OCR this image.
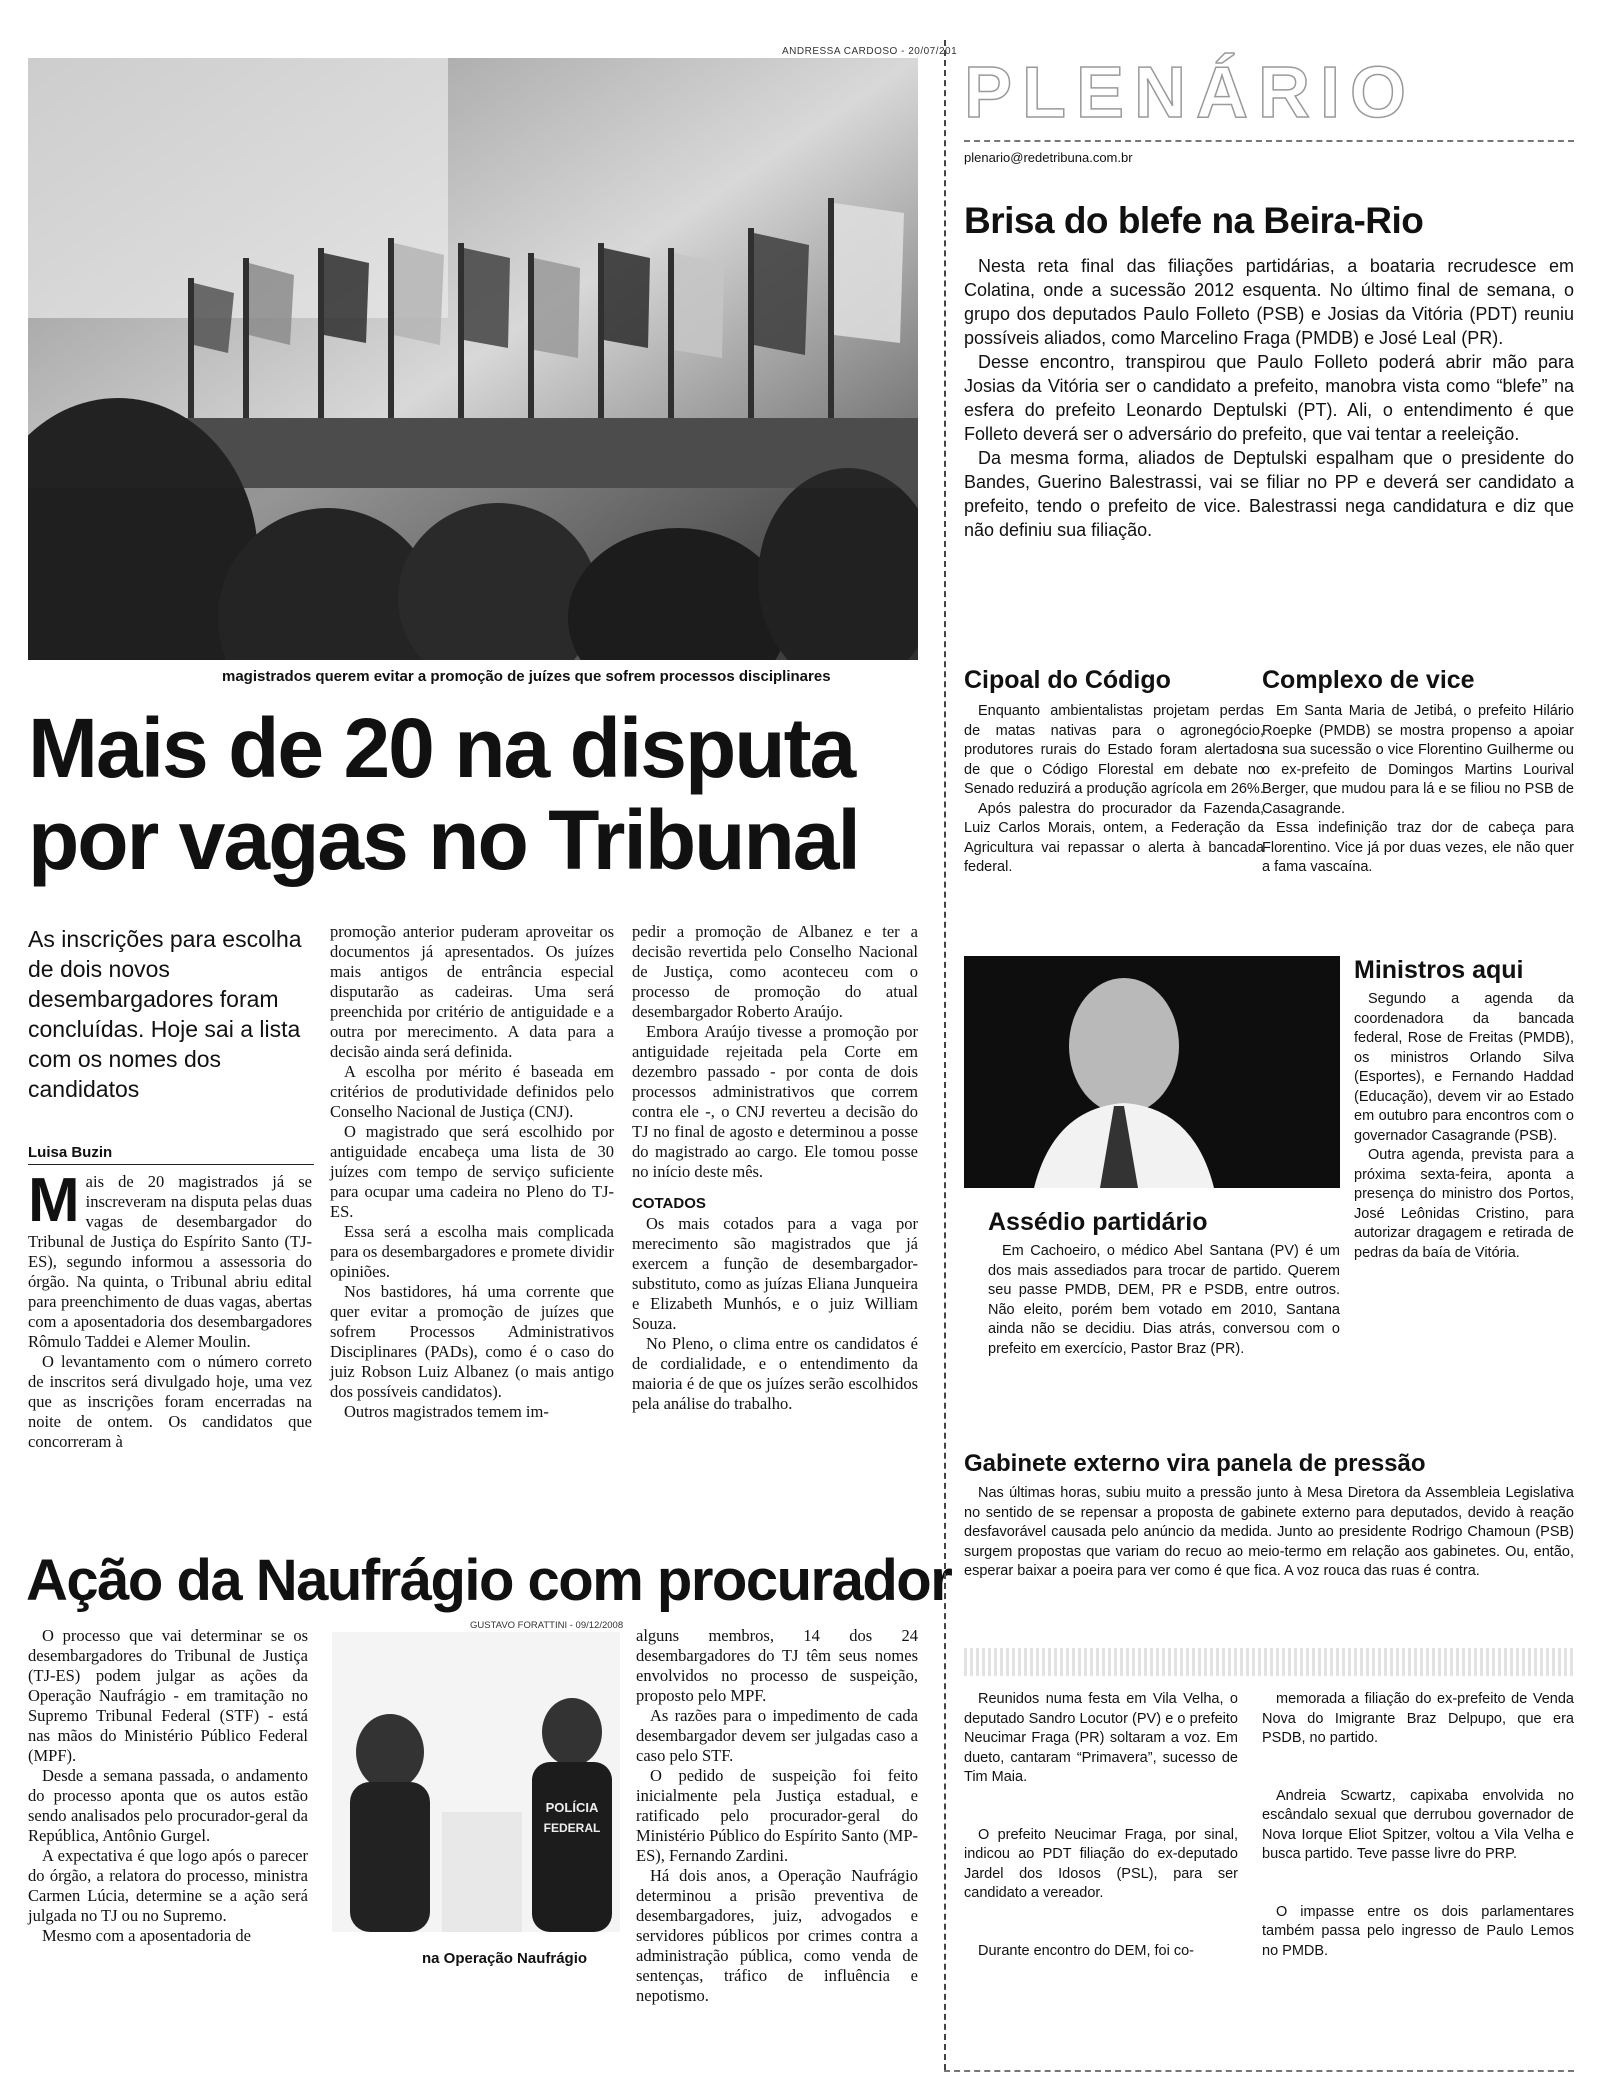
ANDRESSA CARDOSO - 20/07/201
magistrados querem evitar a promoção de juízes que sofrem processos disciplinares
Mais de 20 na disputa
por vagas no Tribunal
As inscrições para escolha de dois novos desembargadores foram concluídas. Hoje sai a lista com os nomes dos candidatos
Luisa Buzin

Mais de 20 magistrados já se inscreveram na disputa pelas duas vagas de desembargador do Tribunal de Justiça do Espírito Santo (TJ-ES), segundo informou a assessoria do órgão. Na quinta, o Tribunal abriu edital para preenchimento de duas vagas, abertas com a aposentadoria dos desembargadores Rômulo Taddei e Alemer Moulin.

O levantamento com o número correto de inscritos será divulgado hoje, uma vez que as inscrições foram encerradas na noite de ontem. Os candidatos que concorreram à

promoção anterior puderam aproveitar os documentos já apresentados. Os juízes mais antigos de entrância especial disputarão as cadeiras. Uma será preenchida por critério de antiguidade e a outra por merecimento. A data para a decisão ainda será definida.

A escolha por mérito é baseada em critérios de produtividade definidos pelo Conselho Nacional de Justiça (CNJ).

O magistrado que será escolhido por antiguidade encabeça uma lista de 30 juízes com tempo de serviço suficiente para ocupar uma cadeira no Pleno do TJ-ES.

Essa será a escolha mais complicada para os desembargadores e promete dividir opiniões.

Nos bastidores, há uma corrente que quer evitar a promoção de juízes que sofrem Processos Administrativos Disciplinares (PADs), como é o caso do juiz Robson Luiz Albanez (o mais antigo dos possíveis candidatos).

Outros magistrados temem im-

pedir a promoção de Albanez e ter a decisão revertida pelo Conselho Nacional de Justiça, como aconteceu com o processo de promoção do atual desembargador Roberto Araújo.

Embora Araújo tivesse a promoção por antiguidade rejeitada pela Corte em dezembro passado - por conta de dois processos administrativos que correm contra ele -, o CNJ reverteu a decisão do TJ no final de agosto e determinou a posse do magistrado ao cargo. Ele tomou posse no início deste mês.

COTADOS

Os mais cotados para a vaga por merecimento são magistrados que já exercem a função de desembargador-substituto, como as juízas Eliana Junqueira e Elizabeth Munhós, e o juiz William Souza.

No Pleno, o clima entre os candidatos é de cordialidade, e o entendimento da maioria é de que os juízes serão escolhidos pela análise do trabalho.

Ação da Naufrágio com procurador

O processo que vai determinar se os desembargadores do Tribunal de Justiça (TJ-ES) podem julgar as ações da Operação Naufrágio - em tramitação no Supremo Tribunal Federal (STF) - está nas mãos do Ministério Público Federal (MPF).

Desde a semana passada, o andamento do processo aponta que os autos estão sendo analisados pelo procurador-geral da República, Antônio Gurgel.

A expectativa é que logo após o parecer do órgão, a relatora do processo, ministra Carmen Lúcia, determine se a ação será julgada no TJ ou no Supremo.

Mesmo com a aposentadoria de

GUSTAVO FORATTINI - 09/12/2008
POLÍCIA
FEDERAL
na Operação Naufrágio

alguns membros, 14 dos 24 desembargadores do TJ têm seus nomes envolvidos no processo de suspeição, proposto pelo MPF.

As razões para o impedimento de cada desembargador devem ser julgadas caso a caso pelo STF.

O pedido de suspeição foi feito inicialmente pela Justiça estadual, e ratificado pelo procurador-geral do Ministério Público do Espírito Santo (MP-ES), Fernando Zardini.

Há dois anos, a Operação Naufrágio determinou a prisão preventiva de desembargadores, juiz, advogados e servidores públicos por crimes contra a administração pública, como venda de sentenças, tráfico de influência e nepotismo.

PLENÁRIO
plenario@redetribuna.com.br
Brisa do blefe na Beira-Rio

Nesta reta final das filiações partidárias, a boataria recrudesce em Colatina, onde a sucessão 2012 esquenta. No último final de semana, o grupo dos deputados Paulo Folleto (PSB) e Josias da Vitória (PDT) reuniu possíveis aliados, como Marcelino Fraga (PMDB) e José Leal (PR).

Desse encontro, transpirou que Paulo Folleto poderá abrir mão para Josias da Vitória ser o candidato a prefeito, manobra vista como “blefe” na esfera do prefeito Leonardo Deptulski (PT). Ali, o entendimento é que Folleto deverá ser o adversário do prefeito, que vai tentar a reeleição.

Da mesma forma, aliados de Deptulski espalham que o presidente do Bandes, Guerino Balestrassi, vai se filiar no PP e deverá ser candidato a prefeito, tendo o prefeito de vice. Balestrassi nega candidatura e diz que não definiu sua filiação.

Cipoal do Código

Enquanto ambientalistas projetam perdas de matas nativas para o agronegócio, produtores rurais do Estado foram alertados de que o Código Florestal em debate no Senado reduzirá a produção agrícola em 26%.

Após palestra do procurador da Fazenda, Luiz Carlos Morais, ontem, a Federação da Agricultura vai repassar o alerta à bancada federal.

Complexo de vice

Em Santa Maria de Jetibá, o prefeito Hilário Roepke (PMDB) se mostra propenso a apoiar na sua sucessão o vice Florentino Guilherme ou o ex-prefeito de Domingos Martins Lourival Berger, que mudou para lá e se filiou no PSB de Casagrande.

Essa indefinição traz dor de cabeça para Florentino. Vice já por duas vezes, ele não quer a fama vascaína.

Assédio partidário

Em Cachoeiro, o médico Abel Santana (PV) é um dos mais assediados para trocar de partido. Querem seu passe PMDB, DEM, PR e PSDB, entre outros. Não eleito, porém bem votado em 2010, Santana ainda não se decidiu. Dias atrás, conversou com o prefeito em exercício, Pastor Braz (PR).

Ministros aqui

Segundo a agenda da coordenadora da bancada federal, Rose de Freitas (PMDB), os ministros Orlando Silva (Esportes), e Fernando Haddad (Educação), devem vir ao Estado em outubro para encontros com o governador Casagrande (PSB).

Outra agenda, prevista para a próxima sexta-feira, aponta a presença do ministro dos Portos, José Leônidas Cristino, para autorizar dragagem e retirada de pedras da baía de Vitória.

Gabinete externo vira panela de pressão

Nas últimas horas, subiu muito a pressão junto à Mesa Diretora da Assembleia Legislativa no sentido de se repensar a proposta de gabinete externo para deputados, devido à reação desfavorável causada pelo anúncio da medida. Junto ao presidente Rodrigo Chamoun (PSB) surgem propostas que variam do recuo ao meio-termo em relação aos gabinetes. Ou, então, esperar baixar a poeira para ver como é que fica. A voz rouca das ruas é contra.

Reunidos numa festa em Vila Velha, o deputado Sandro Locutor (PV) e o prefeito Neucimar Fraga (PR) soltaram a voz. Em dueto, cantaram “Primavera”, sucesso de Tim Maia.

O prefeito Neucimar Fraga, por sinal, indicou ao PDT filiação do ex-deputado Jardel dos Idosos (PSL), para ser candidato a vereador.

Durante encontro do DEM, foi co-

memorada a filiação do ex-prefeito de Venda Nova do Imigrante Braz Delpupo, que era PSDB, no partido.

Andreia Scwartz, capixaba envolvida no escândalo sexual que derrubou governador de Nova Iorque Eliot Spitzer, voltou a Vila Velha e busca partido. Teve passe livre do PRP.

O impasse entre os dois parlamentares também passa pelo ingresso de Paulo Lemos no PMDB.
